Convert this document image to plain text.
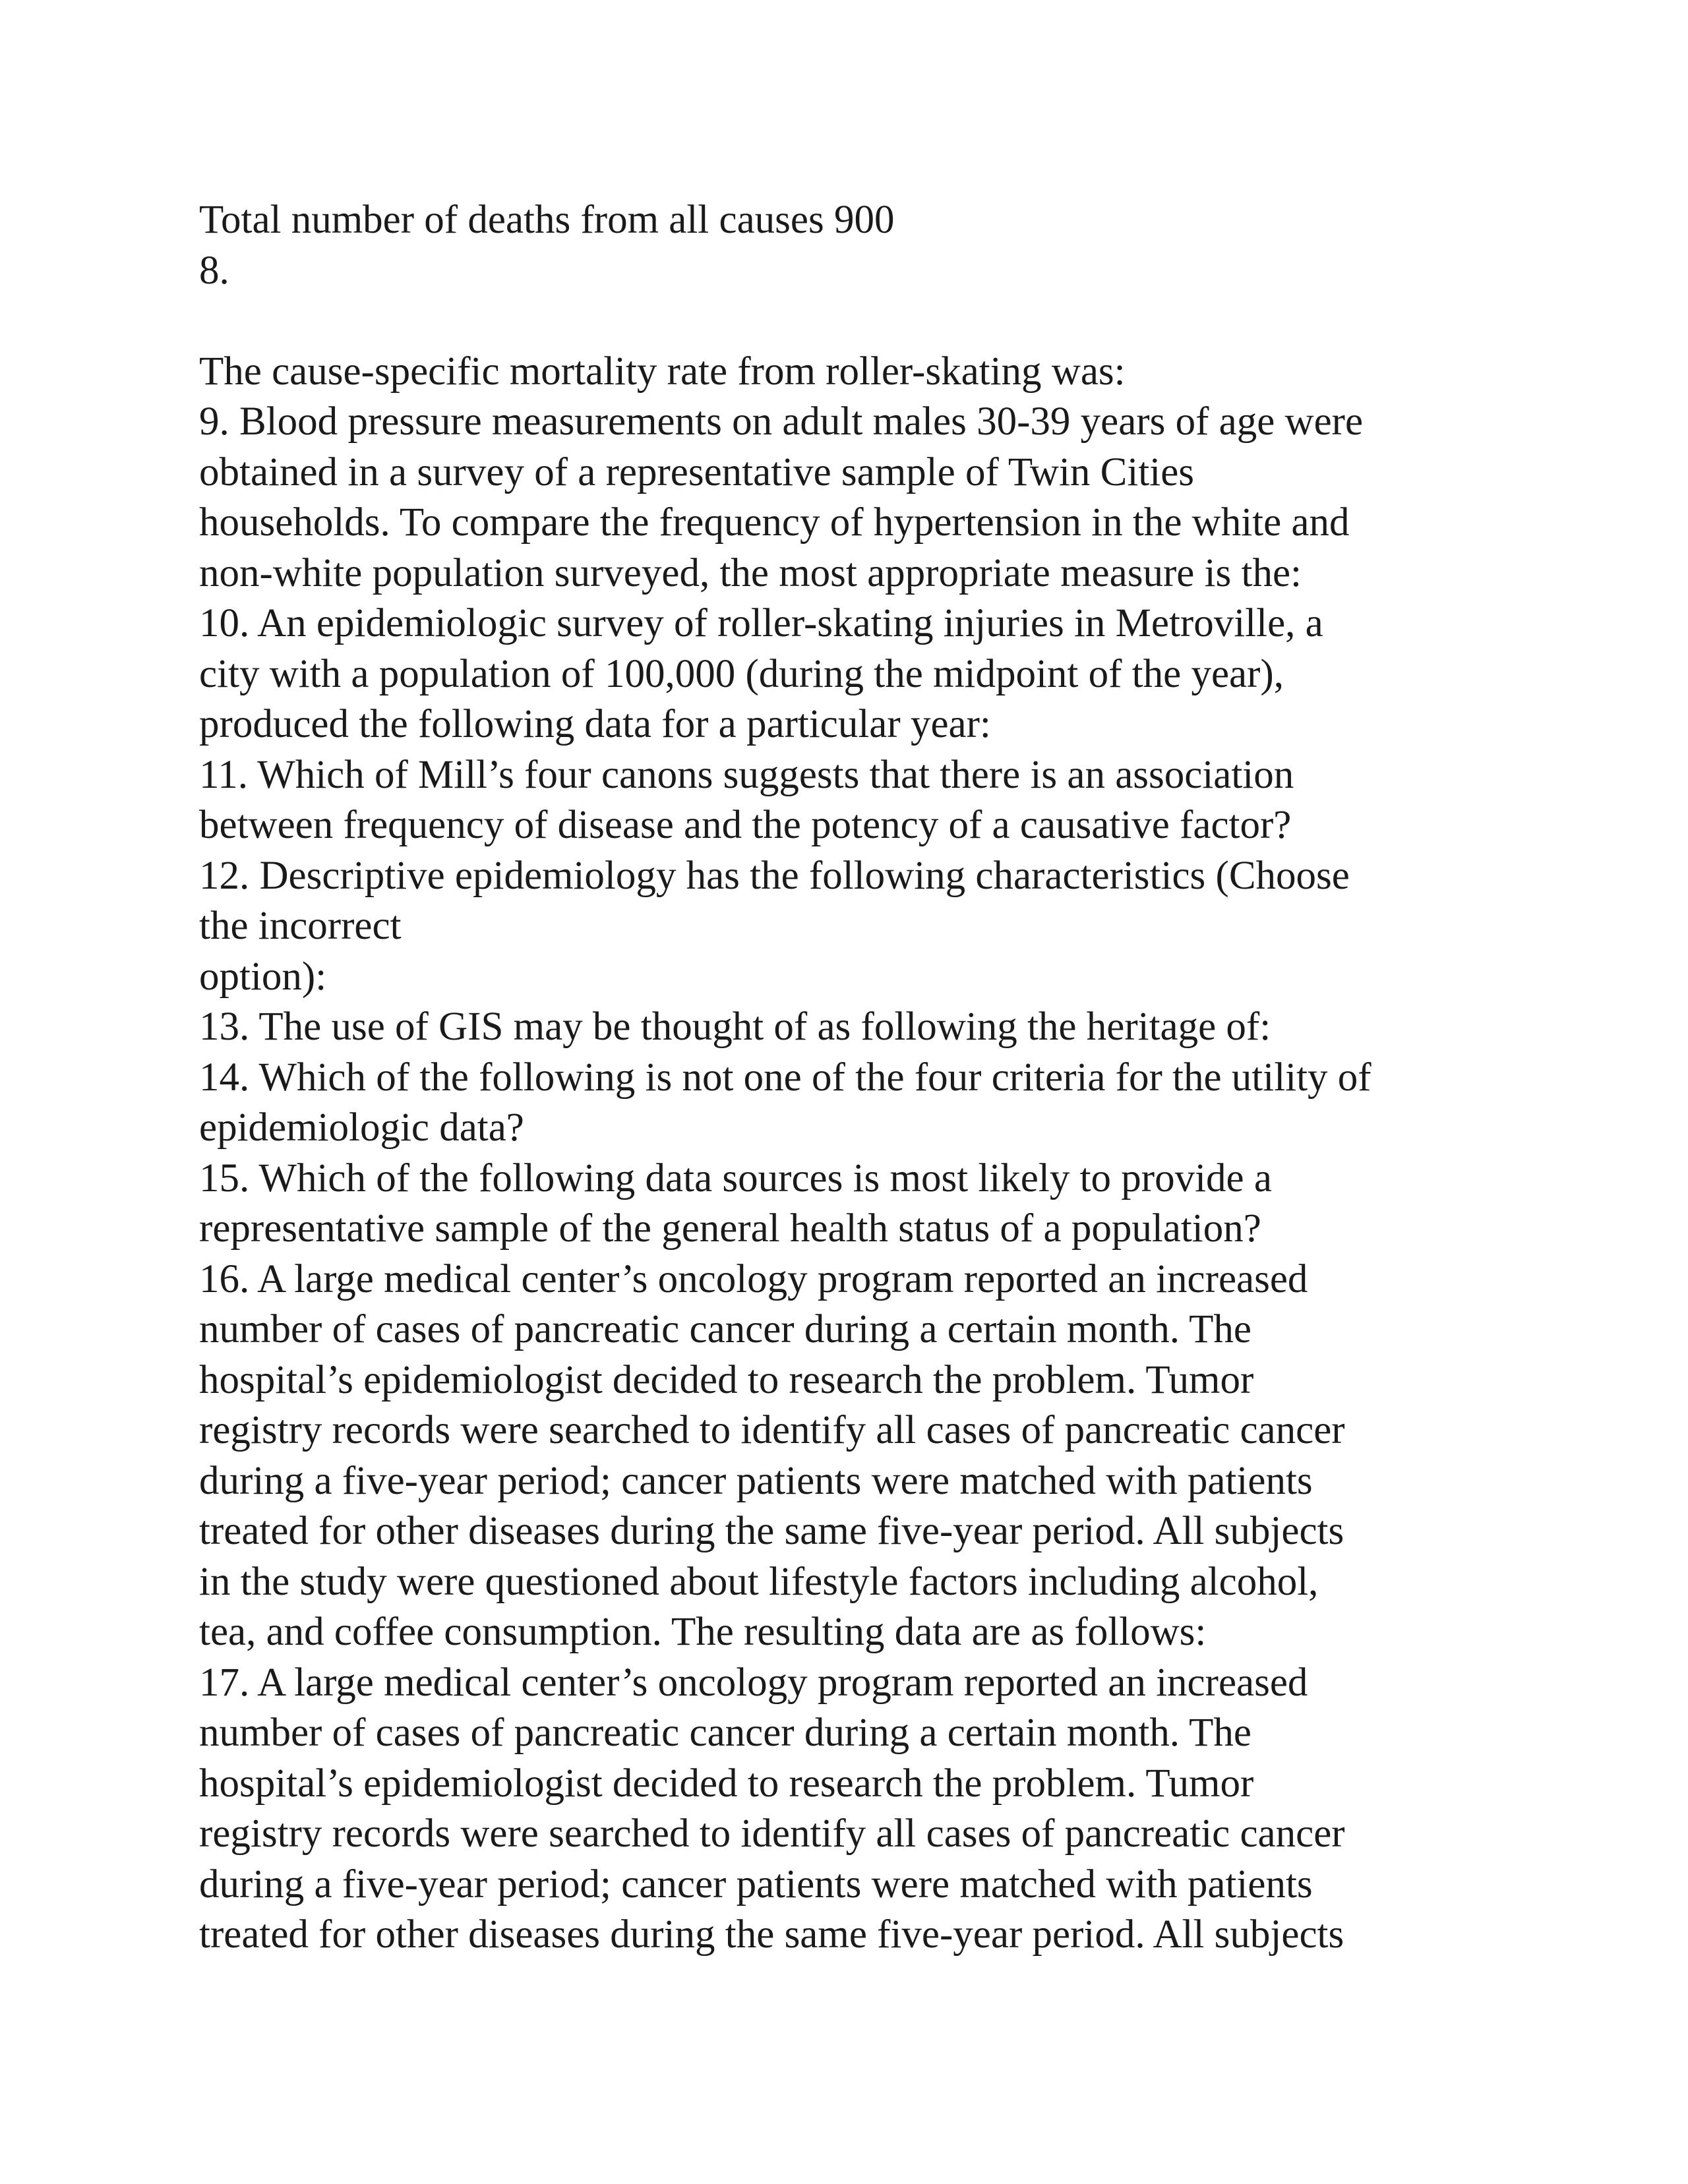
Total number of deaths from all causes 900
8.
The cause-specific mortality rate from roller-skating was:
9. Blood pressure measurements on adult males 30-39 years of age were
obtained in a survey of a representative sample of Twin Cities
households. To compare the frequency of hypertension in the white and
non-white population surveyed, the most appropriate measure is the:
10. An epidemiologic survey of roller-skating injuries in Metroville, a
city with a population of 100,000 (during the midpoint of the year),
produced the following data for a particular year:
11. Which of Mill’s four canons suggests that there is an association
between frequency of disease and the potency of a causative factor?
12. Descriptive epidemiology has the following characteristics (Choose
the incorrect
option):
13. The use of GIS may be thought of as following the heritage of:
14. Which of the following is not one of the four criteria for the utility of
epidemiologic data?
15. Which of the following data sources is most likely to provide a
representative sample of the general health status of a population?
16. A large medical center’s oncology program reported an increased
number of cases of pancreatic cancer during a certain month. The
hospital’s epidemiologist decided to research the problem. Tumor
registry records were searched to identify all cases of pancreatic cancer
during a five-year period; cancer patients were matched with patients
treated for other diseases during the same five-year period. All subjects
in the study were questioned about lifestyle factors including alcohol,
tea, and coffee consumption. The resulting data are as follows:
17. A large medical center’s oncology program reported an increased
number of cases of pancreatic cancer during a certain month. The
hospital’s epidemiologist decided to research the problem. Tumor
registry records were searched to identify all cases of pancreatic cancer
during a five-year period; cancer patients were matched with patients
treated for other diseases during the same five-year period. All subjects
